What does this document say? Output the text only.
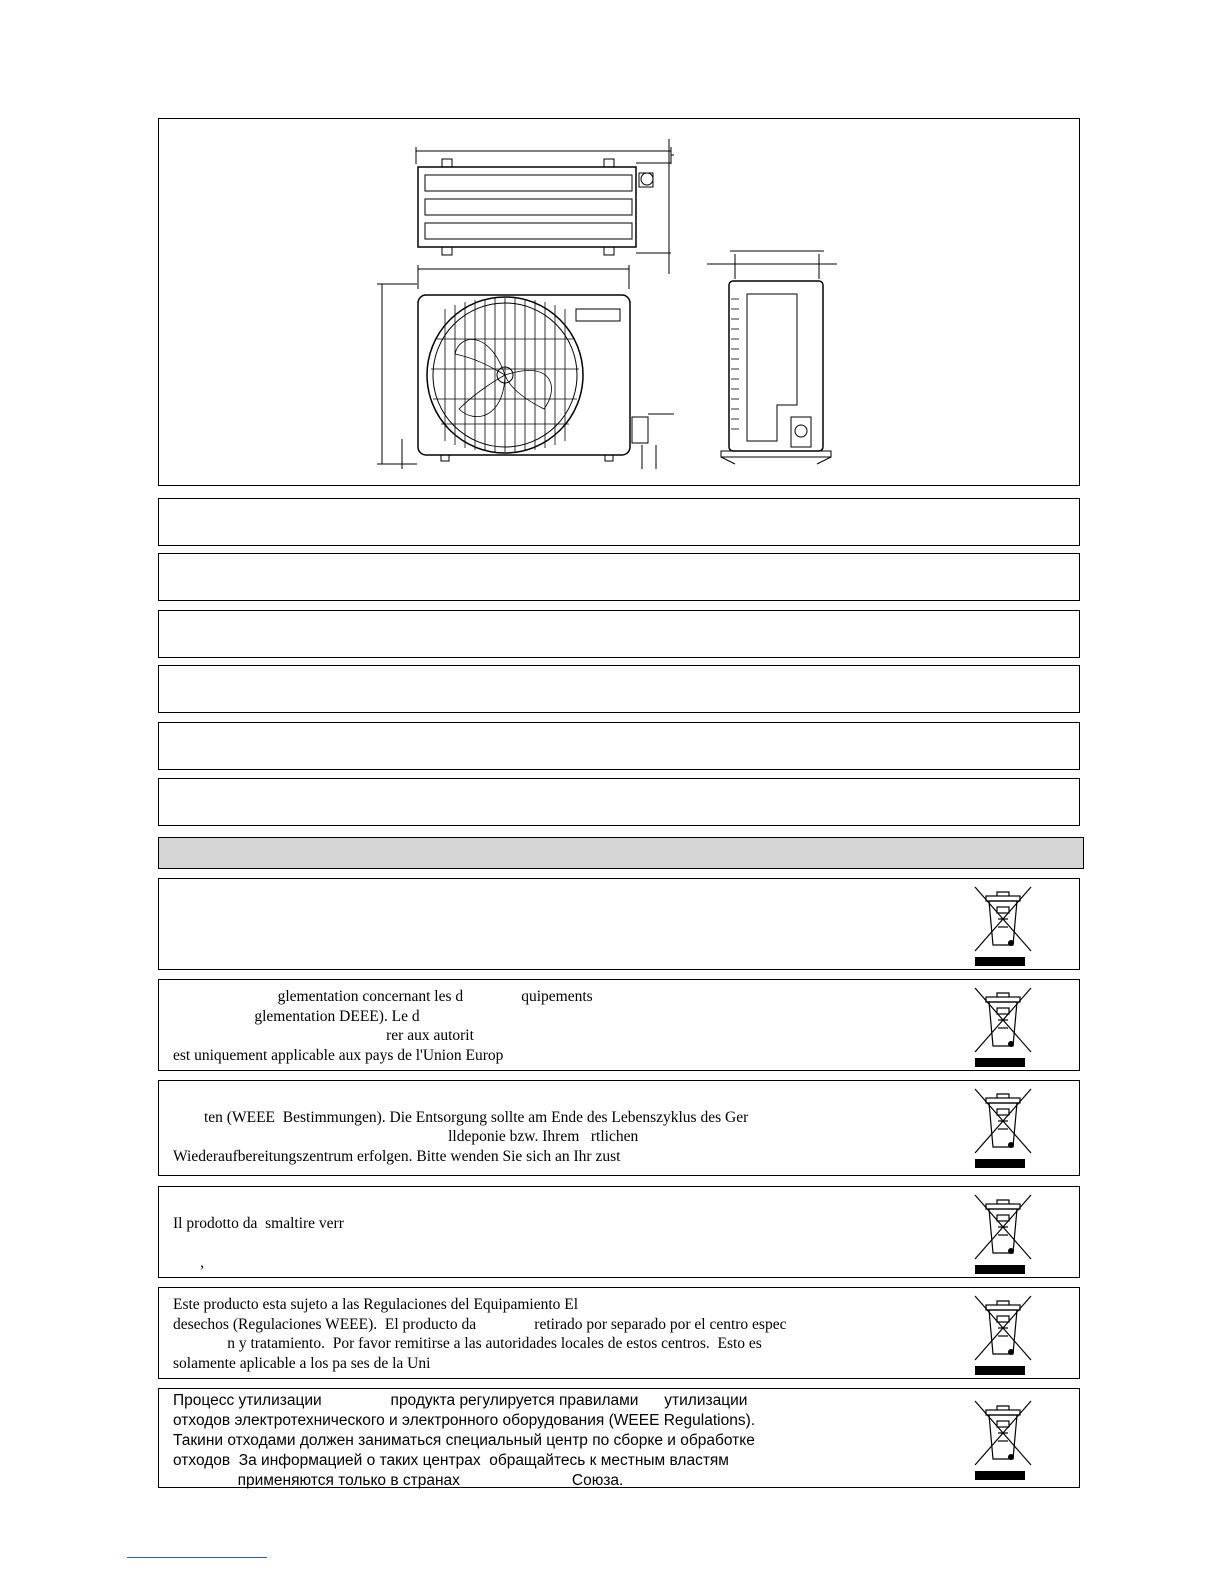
glementation concernant les d               quipements
glementation DEEE). Le d
rer aux autorit
est uniquement applicable aux pays de l'Union Europ
ten (WEEE  Bestimmungen). Die Entsorgung sollte am Ende des Lebenszyklus des Ger
lldeponie bzw. Ihrem   rtlichen
Wiederaufbereitungszentrum erfolgen. Bitte wenden Sie sich an Ihr zust
Il prodotto da  smaltire verr
,
Este producto esta sujeto a las Regulaciones del Equipamiento El
desechos (Regulaciones WEEE).  El producto da               retirado por separado por el centro espec
n y tratamiento.  Por favor remitirse a las autoridades locales de estos centros.  Esto es
solamente aplicable a los pa ses de la Uni
Процесс утилизации                продукта регулируется правилами      утилизации
отходов электротехнического и электронного оборудования (WEEE Regulations).
Такини отходами должен заниматься специальный центр по сборке и обработке
отходов  За информацией о таких центрах  обращайтесь к местным властям
применяются только в странах                          Союза.
